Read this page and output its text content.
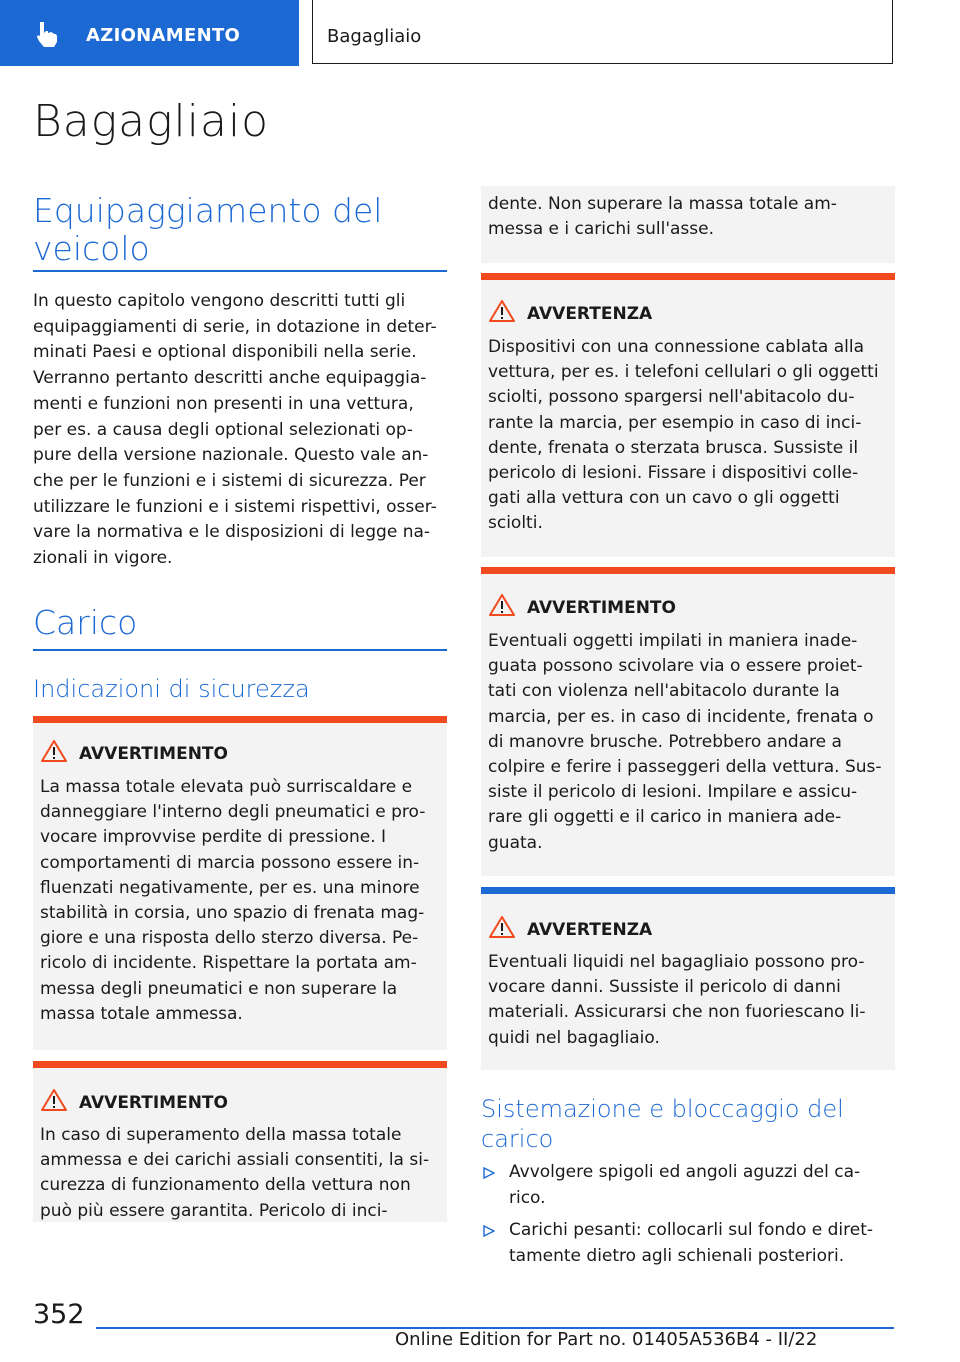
AZIONAMENTO	Bagagliaio
Bagagliaio
Equipaggiamento del veicolo
In questo capitolo vengono descritti tutti gli
equipaggiamenti di serie, in dotazione in deter-
minati Paesi e optional disponibili nella serie.
Verranno pertanto descritti anche equipaggia-
menti e funzioni non presenti in una vettura,
per es. a causa degli optional selezionati op-
pure della versione nazionale. Questo vale an-
che per le funzioni e i sistemi di sicurezza. Per
utilizzare le funzioni e i sistemi rispettivi, osser-
vare la normativa e le disposizioni di legge na-
zionali in vigore.
Carico
Indicazioni di sicurezza
AVVERTIMENTO
La massa totale elevata può surriscaldare e
danneggiare l'interno degli pneumatici e pro-
vocare improvvise perdite di pressione. I
comportamenti di marcia possono essere in-
fluenzati negativamente, per es. una minore
stabilità in corsia, uno spazio di frenata mag-
giore e una risposta dello sterzo diversa. Pe-
ricolo di incidente. Rispettare la portata am-
messa degli pneumatici e non superare la
massa totale ammessa.
AVVERTIMENTO
In caso di superamento della massa totale
ammessa e dei carichi assiali consentiti, la si-
curezza di funzionamento della vettura non
può più essere garantita. Pericolo di inci-
dente. Non superare la massa totale am-
messa e i carichi sull'asse.
AVVERTENZA
Dispositivi con una connessione cablata alla
vettura, per es. i telefoni cellulari o gli oggetti
sciolti, possono spargersi nell'abitacolo du-
rante la marcia, per esempio in caso di inci-
dente, frenata o sterzata brusca. Sussiste il
pericolo di lesioni. Fissare i dispositivi colle-
gati alla vettura con un cavo o gli oggetti
sciolti.
AVVERTIMENTO
Eventuali oggetti impilati in maniera inade-
guata possono scivolare via o essere proiet-
tati con violenza nell'abitacolo durante la
marcia, per es. in caso di incidente, frenata o
di manovre brusche. Potrebbero andare a
colpire e ferire i passeggeri della vettura. Sus-
siste il pericolo di lesioni. Impilare e assicu-
rare gli oggetti e il carico in maniera ade-
guata.
AVVERTENZA
Eventuali liquidi nel bagagliaio possono pro-
vocare danni. Sussiste il pericolo di danni
materiali. Assicurarsi che non fuoriescano li-
quidi nel bagagliaio.
Sistemazione e bloccaggio del carico
Avvolgere spigoli ed angoli aguzzi del ca-
rico.
Carichi pesanti: collocarli sul fondo e diret-
tamente dietro agli schienali posteriori.
352
Online Edition for Part no. 01405A536B4 - II/22
